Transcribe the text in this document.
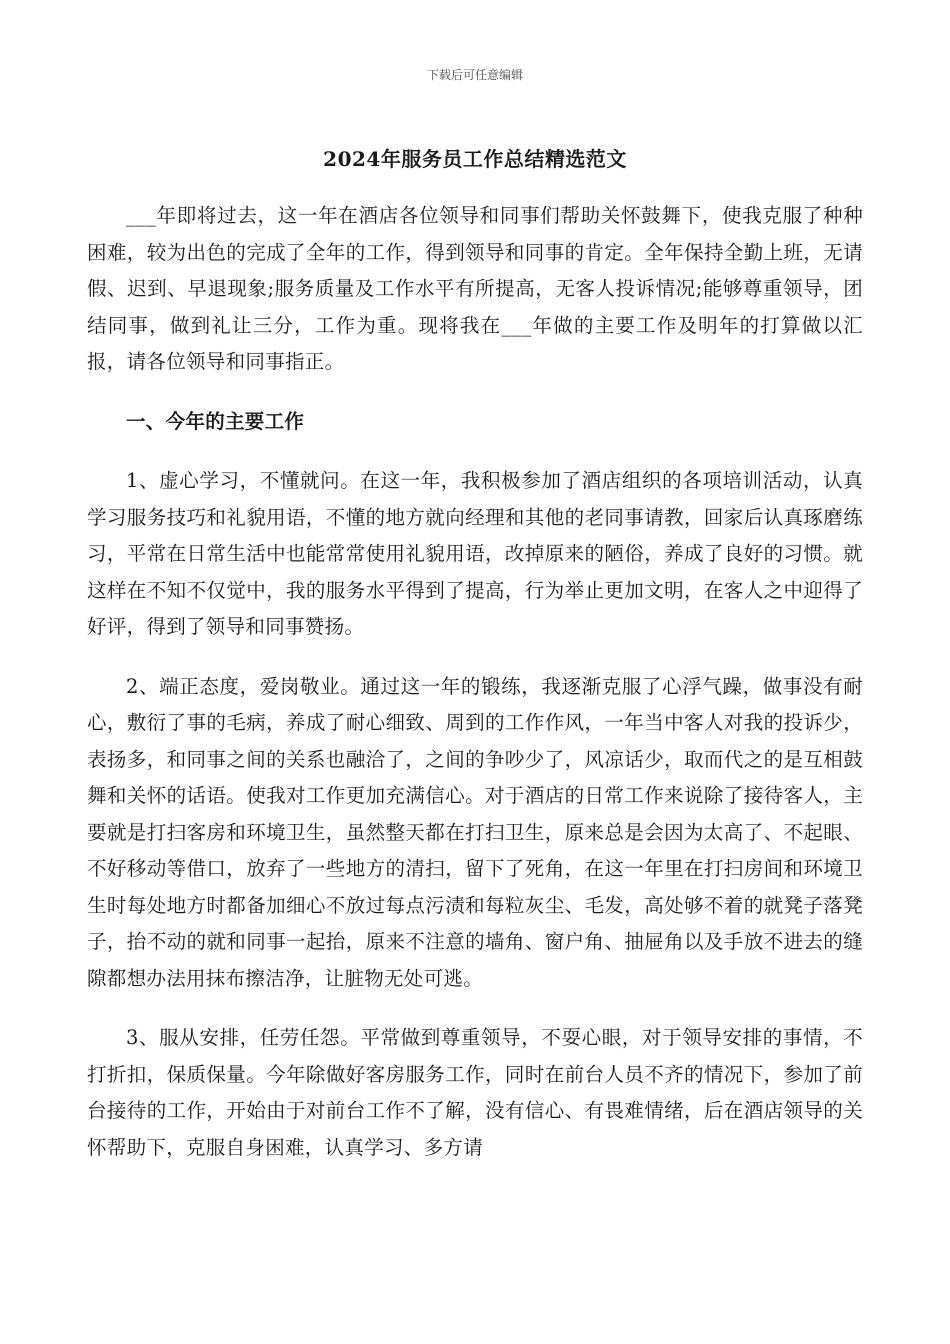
下载后可任意编辑
2024年服务员工作总结精选范文

___年即将过去，这一年在酒店各位领导和同事们帮助关怀鼓舞下，使我克服了种种困难，较为出色的完成了全年的工作，得到领导和同事的肯定。全年保持全勤上班，无请假、迟到、早退现象;服务质量及工作水平有所提高，无客人投诉情况;能够尊重领导，团结同事，做到礼让三分，工作为重。现将我在___年做的主要工作及明年的打算做以汇报，请各位领导和同事指正。

一、今年的主要工作

1、虚心学习，不懂就问。在这一年，我积极参加了酒店组织的各项培训活动，认真学习服务技巧和礼貌用语，不懂的地方就向经理和其他的老同事请教，回家后认真琢磨练习，平常在日常生活中也能常常使用礼貌用语，改掉原来的陋俗，养成了良好的习惯。就这样在不知不仅觉中，我的服务水平得到了提高，行为举止更加文明，在客人之中迎得了好评，得到了领导和同事赞扬。

2、端正态度，爱岗敬业。通过这一年的锻练，我逐渐克服了心浮气躁，做事没有耐心，敷衍了事的毛病，养成了耐心细致、周到的工作作风，一年当中客人对我的投诉少，表扬多，和同事之间的关系也融洽了，之间的争吵少了，风凉话少，取而代之的是互相鼓舞和关怀的话语。使我对工作更加充满信心。对于酒店的日常工作来说除了接待客人，主要就是打扫客房和环境卫生，虽然整天都在打扫卫生，原来总是会因为太高了、不起眼、不好移动等借口，放弃了一些地方的清扫，留下了死角，在这一年里在打扫房间和环境卫生时每处地方时都备加细心不放过每点污渍和每粒灰尘、毛发，高处够不着的就凳子落凳子，抬不动的就和同事一起抬，原来不注意的墙角、窗户角、抽屉角以及手放不进去的缝隙都想办法用抹布擦洁净，让脏物无处可逃。

3、服从安排，任劳任怨。平常做到尊重领导，不耍心眼，对于领导安排的事情，不打折扣，保质保量。今年除做好客房服务工作，同时在前台人员不齐的情况下，参加了前台接待的工作，开始由于对前台工作不了解，没有信心、有畏难情绪，后在酒店领导的关怀帮助下，克服自身困难，认真学习、多方请
